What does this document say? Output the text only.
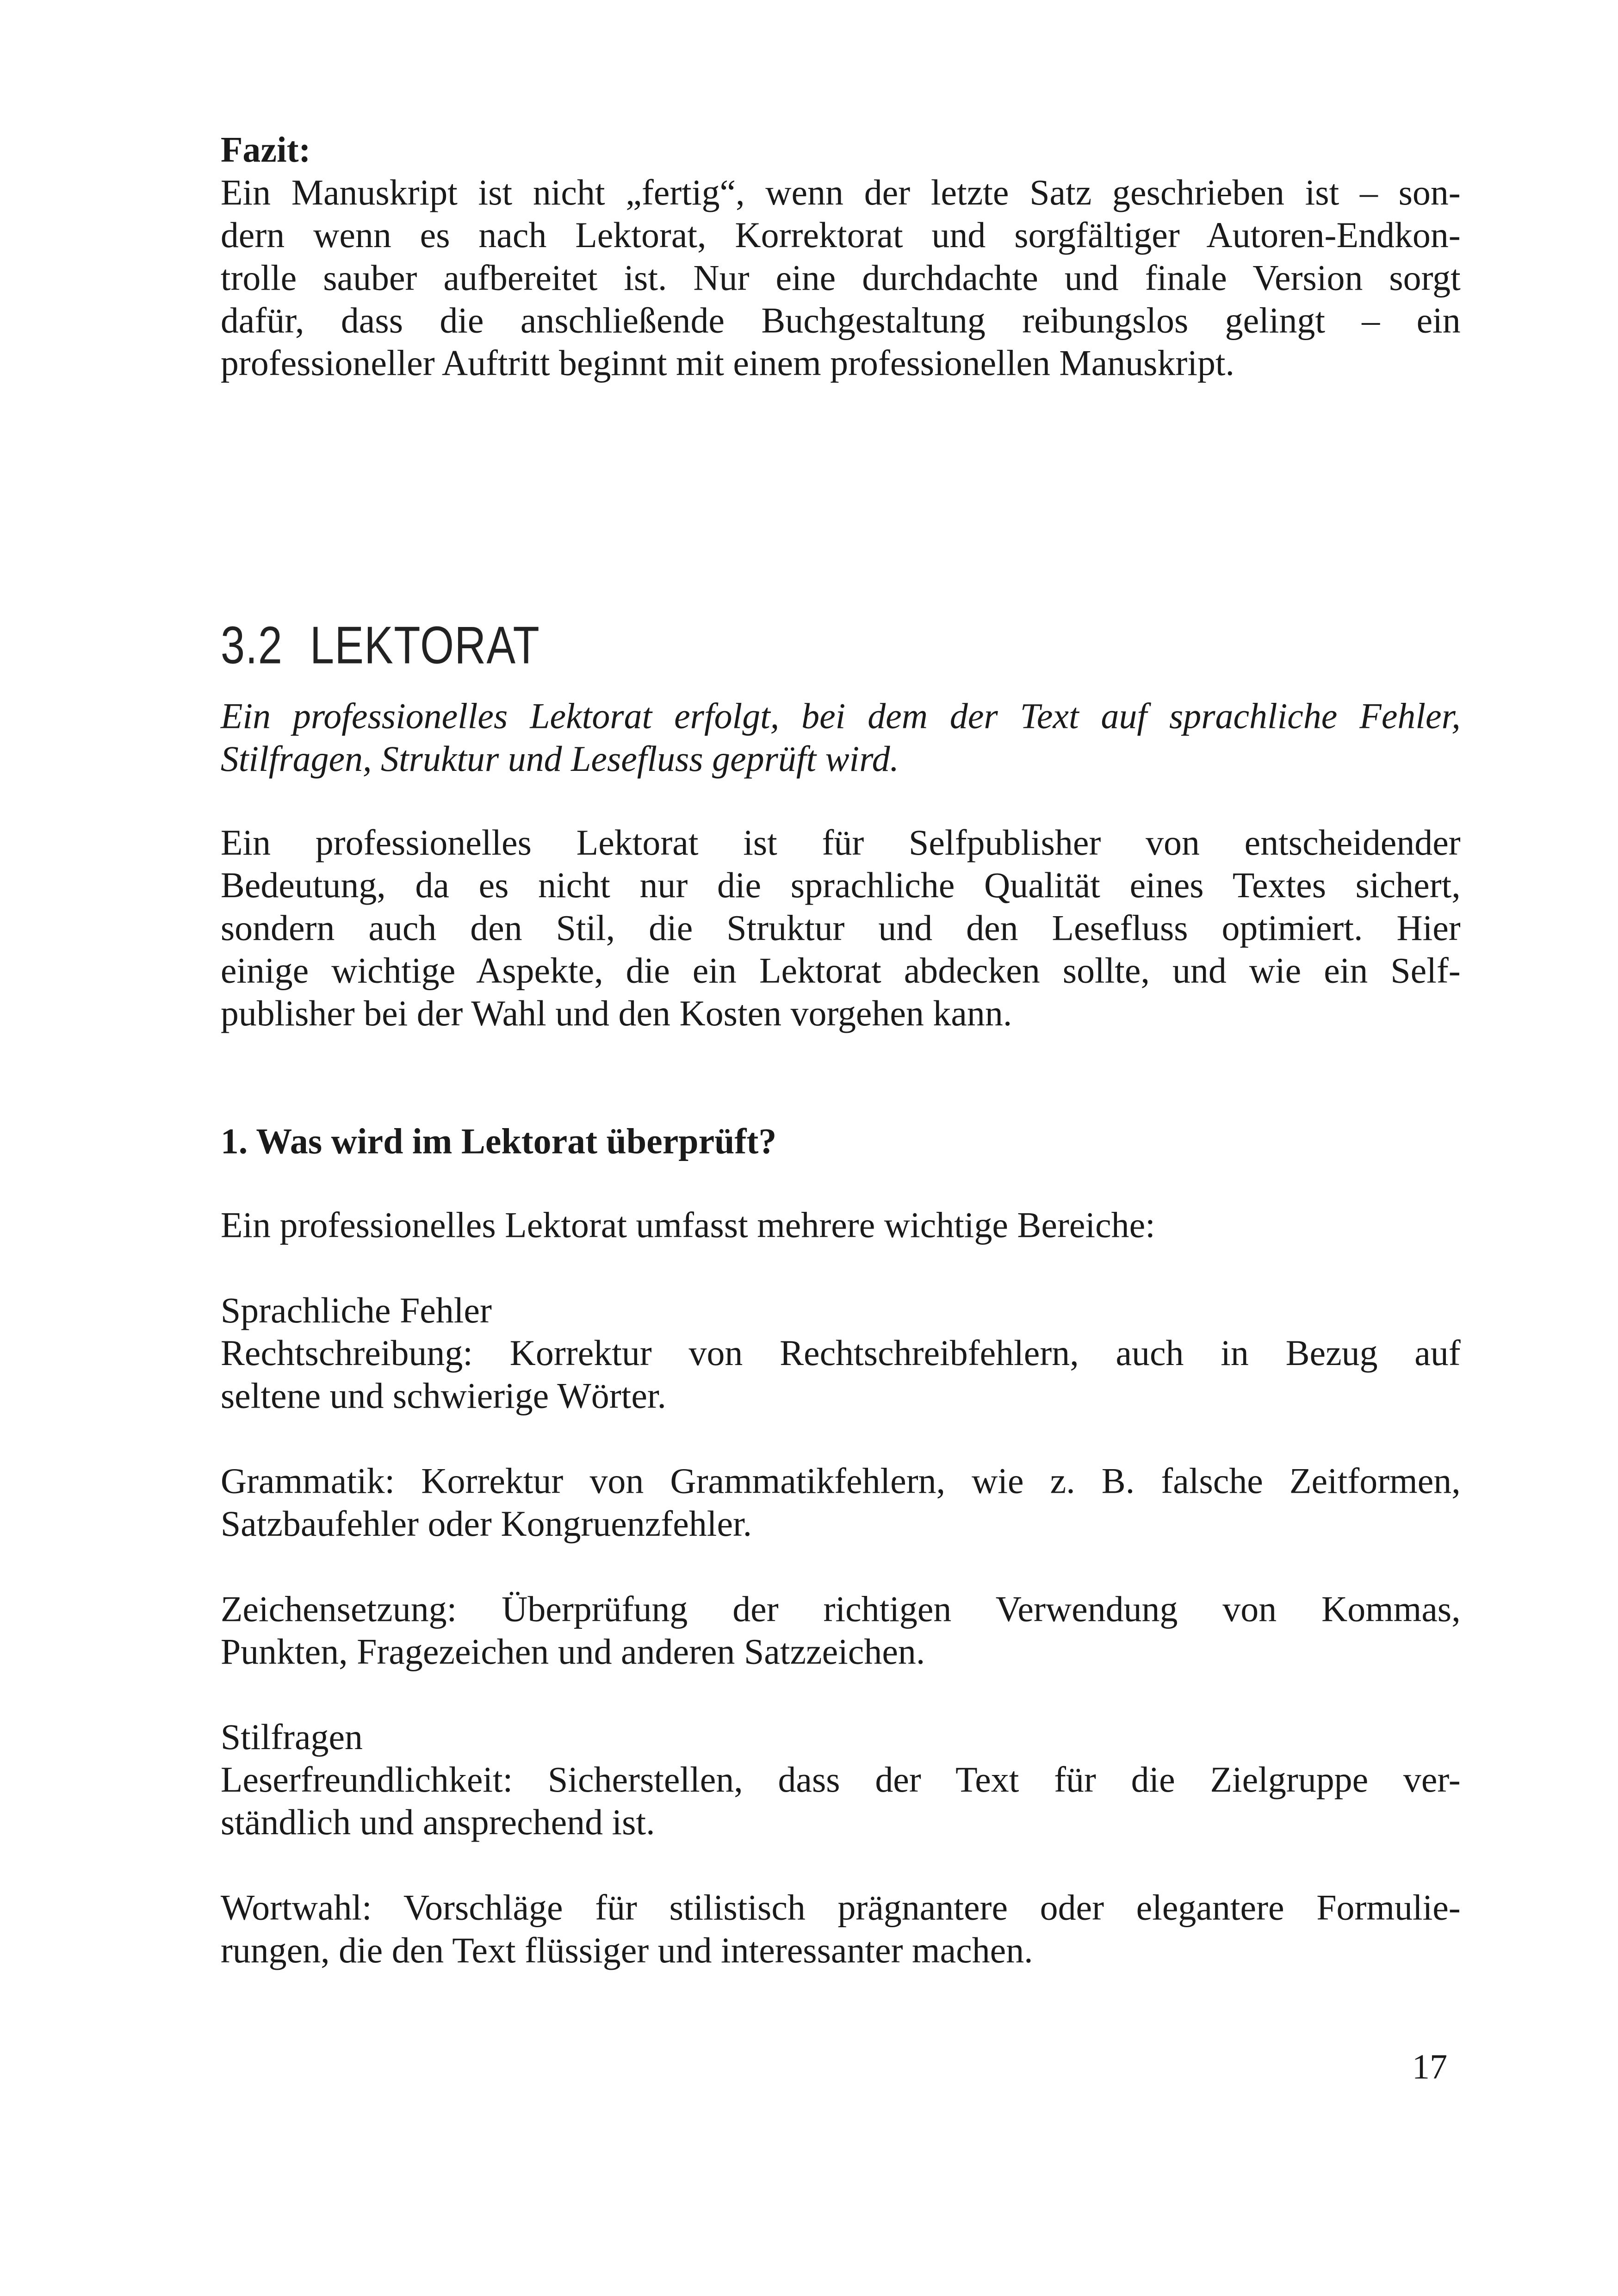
Fazit:
Ein Manuskript ist nicht „fertig“, wenn der letzte Satz geschrieben ist – son-
dern wenn es nach Lektorat, Korrektorat und sorgfältiger Autoren-Endkon-
trolle sauber aufbereitet ist. Nur eine durchdachte und finale Version sorgt
dafür, dass die anschließende Buchgestaltung reibungslos gelingt – ein
professioneller Auftritt beginnt mit einem professionellen Manuskript.
3.2 LEKTORAT
Ein professionelles Lektorat erfolgt, bei dem der Text auf sprachliche Fehler,
Stilfragen, Struktur und Lesefluss geprüft wird.
Ein professionelles Lektorat ist für Selfpublisher von entscheidender
Bedeutung, da es nicht nur die sprachliche Qualität eines Textes sichert,
sondern auch den Stil, die Struktur und den Lesefluss optimiert. Hier
einige wichtige Aspekte, die ein Lektorat abdecken sollte, und wie ein Self-
publisher bei der Wahl und den Kosten vorgehen kann.
1. Was wird im Lektorat überprüft?
Ein professionelles Lektorat umfasst mehrere wichtige Bereiche:
Sprachliche Fehler
Rechtschreibung: Korrektur von Rechtschreibfehlern, auch in Bezug auf
seltene und schwierige Wörter.
Grammatik: Korrektur von Grammatikfehlern, wie z. B. falsche Zeitformen,
Satzbaufehler oder Kongruenzfehler.
Zeichensetzung: Überprüfung der richtigen Verwendung von Kommas,
Punkten, Fragezeichen und anderen Satzzeichen.
Stilfragen
Leserfreundlichkeit: Sicherstellen, dass der Text für die Zielgruppe ver-
ständlich und ansprechend ist.
Wortwahl: Vorschläge für stilistisch prägnantere oder elegantere Formulie-
rungen, die den Text flüssiger und interessanter machen.
17
